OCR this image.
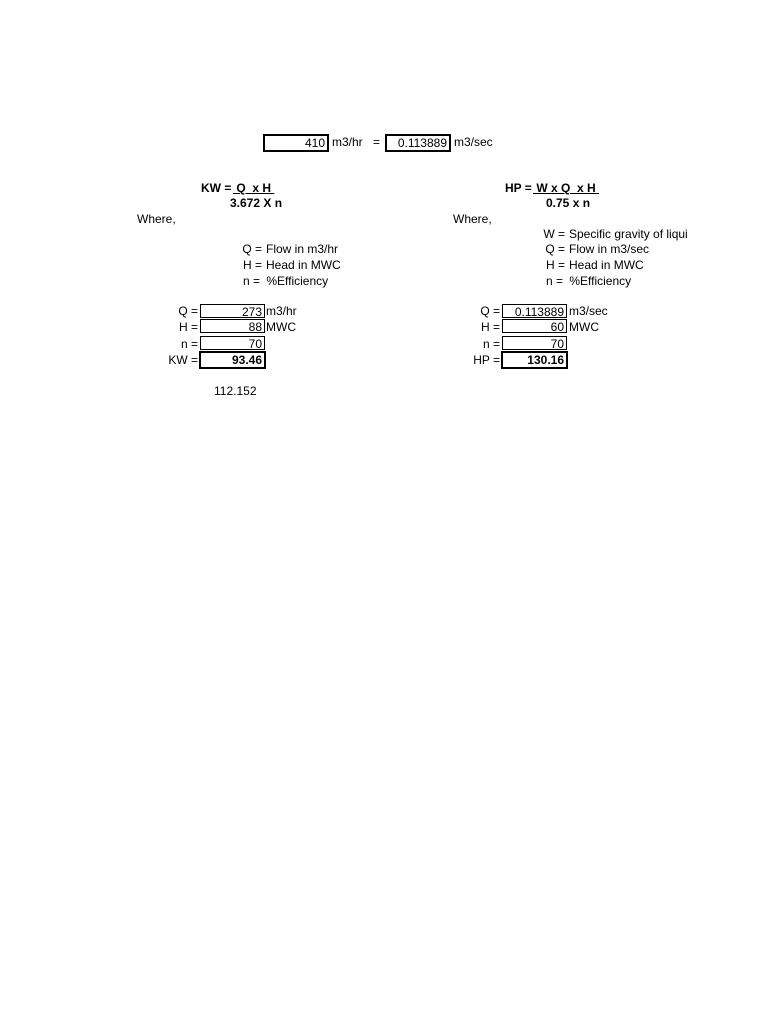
410 m3/hr =	0.113889 m3/sec
KW = Q  x H
3.672 X n
Where,
Q = Flow in m3/hr
H = Head in MWC
n = %Efficiency
Q =	273 m3/hr
H =	88 MWC
n =	70
KW =	93.46
112.152
HP = W x Q  x H
0.75 x n
Where,
W = Specific gravity of liqui
Q = Flow in m3/sec
H = Head in MWC
n = %Efficiency
Q =	0.113889 m3/sec
H =	60 MWC
n =	70
HP =	130.16
